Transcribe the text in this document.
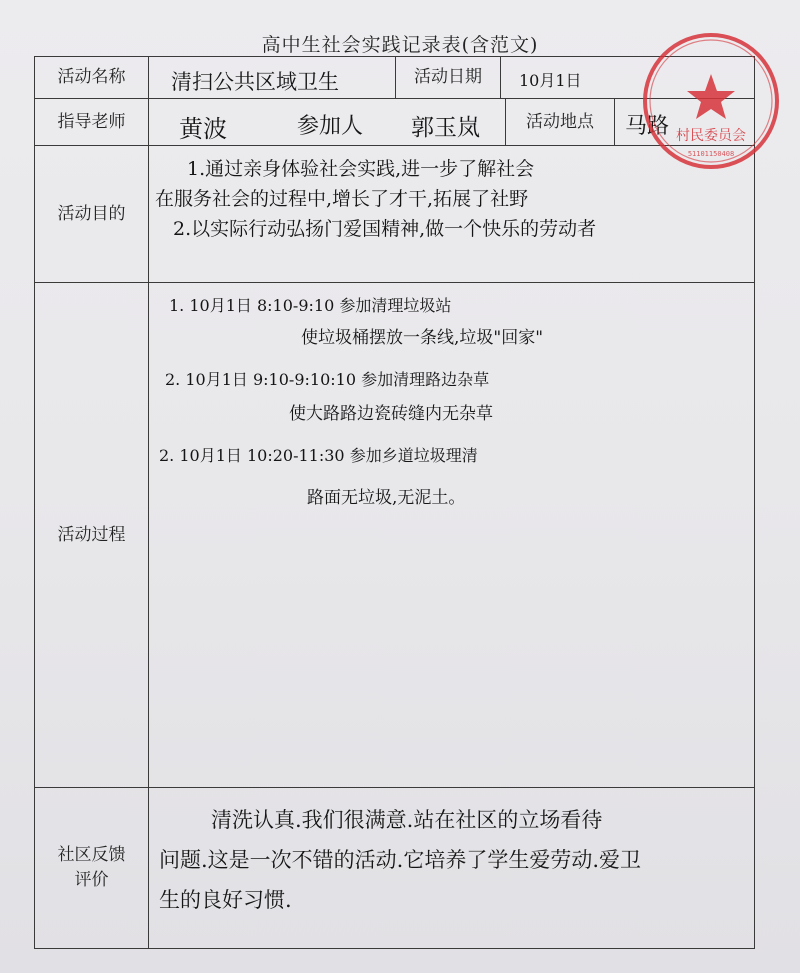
高中生社会实践记录表(含范文)
活动名称 清扫公共区域卫生	活动日期 10月1日
指导老师 黄波	参加人 郭玉岚	活动地点 马路
活动目的
1.通过亲身体验社会实践,进一步了解社会
在服务社会的过程中,增长了才干,拓展了社野
2.以实际行动弘扬门爱国精神,做一个快乐的劳动者
活动过程
1. 10月1日 8:10-9:10 参加清理垃圾站
使垃圾桶摆放一条线,垃圾"回家"
2. 10月1日 9:10-9:10:10 参加清理路边杂草
使大路路边瓷砖缝内无杂草
2. 10月1日 10:20-11:30 参加乡道垃圾理清
路面无垃圾,无泥土。
社区反馈
评价
清洗认真.我们很满意.站在社区的立场看待
问题.这是一次不错的活动.它培养了学生爱劳动.爱卫
生的良好习惯.
村民委员会
51101150408
